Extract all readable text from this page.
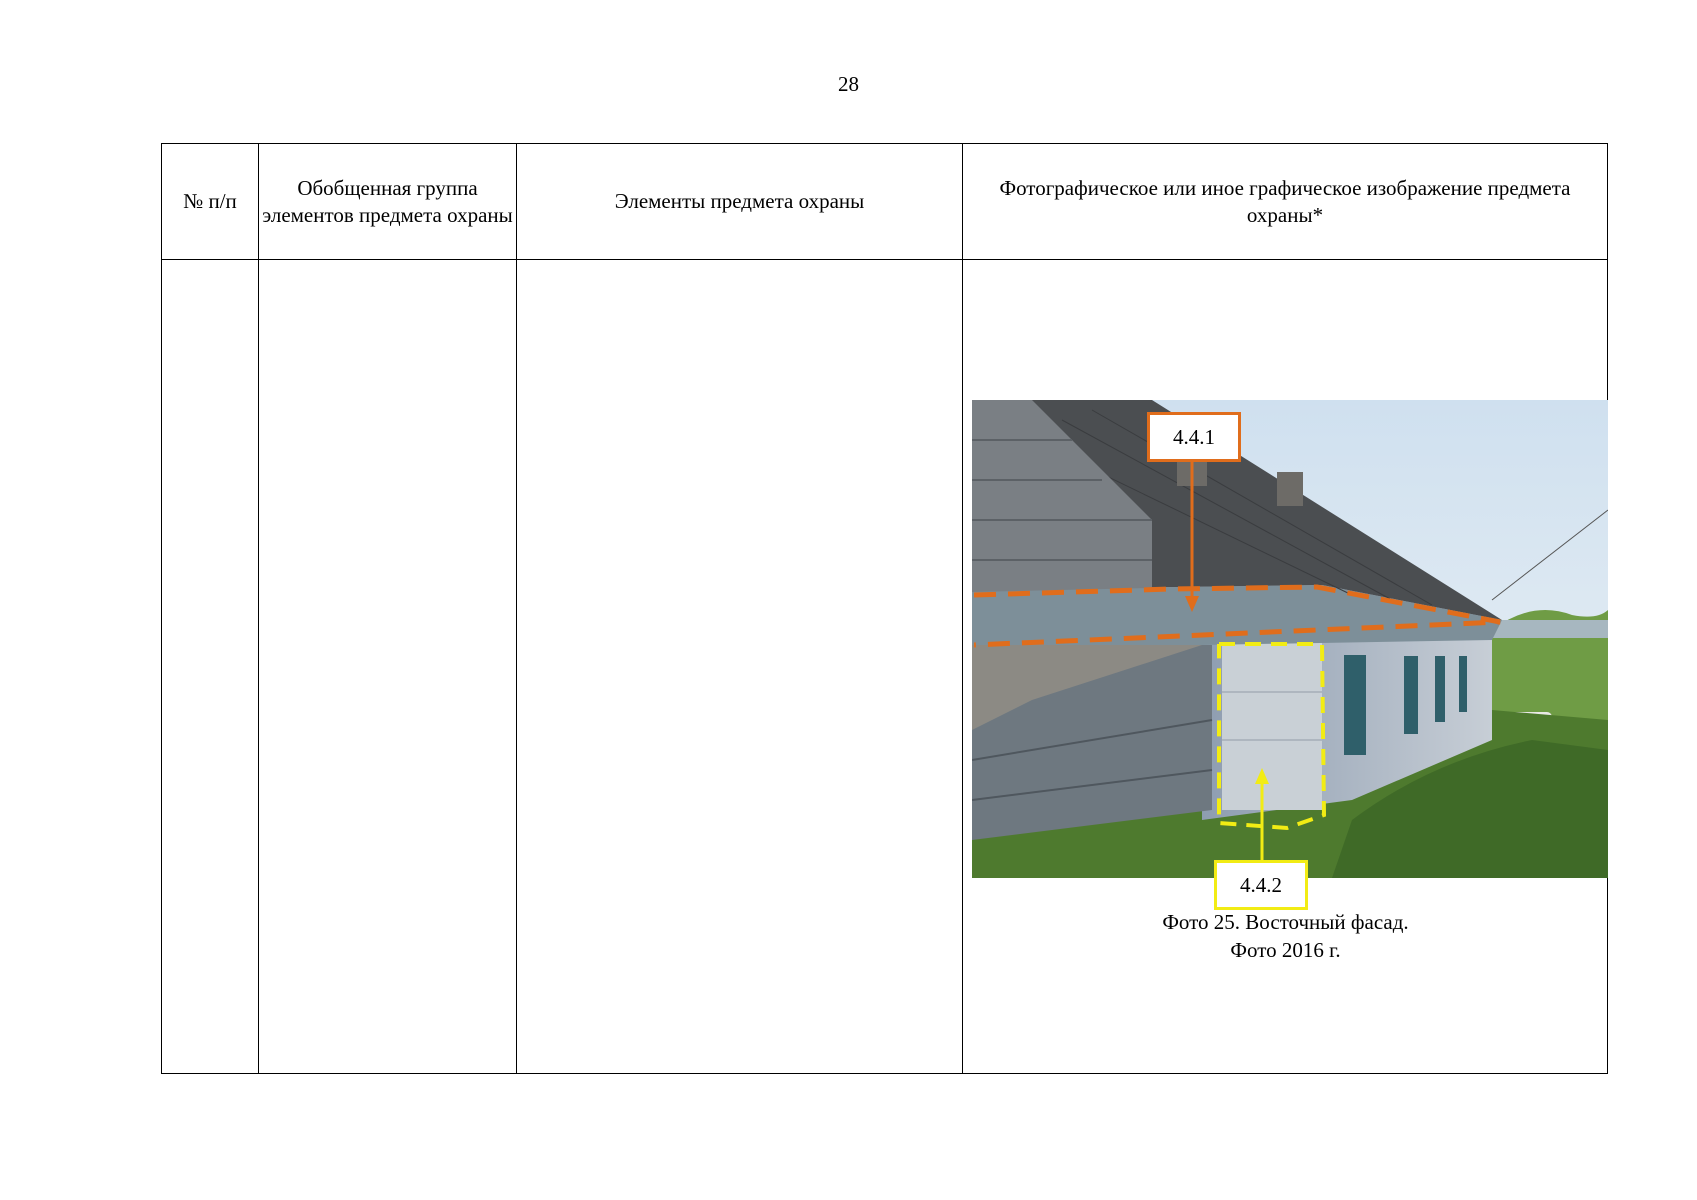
28
№ п/п	Обобщенная группа элементов предмета охраны	Элементы предмета охраны	Фотографическое или иное графическое изображение предмета охраны*

4.4.1
4.4.2
Фото 25. Восточный фасад.
Фото 2016 г.
